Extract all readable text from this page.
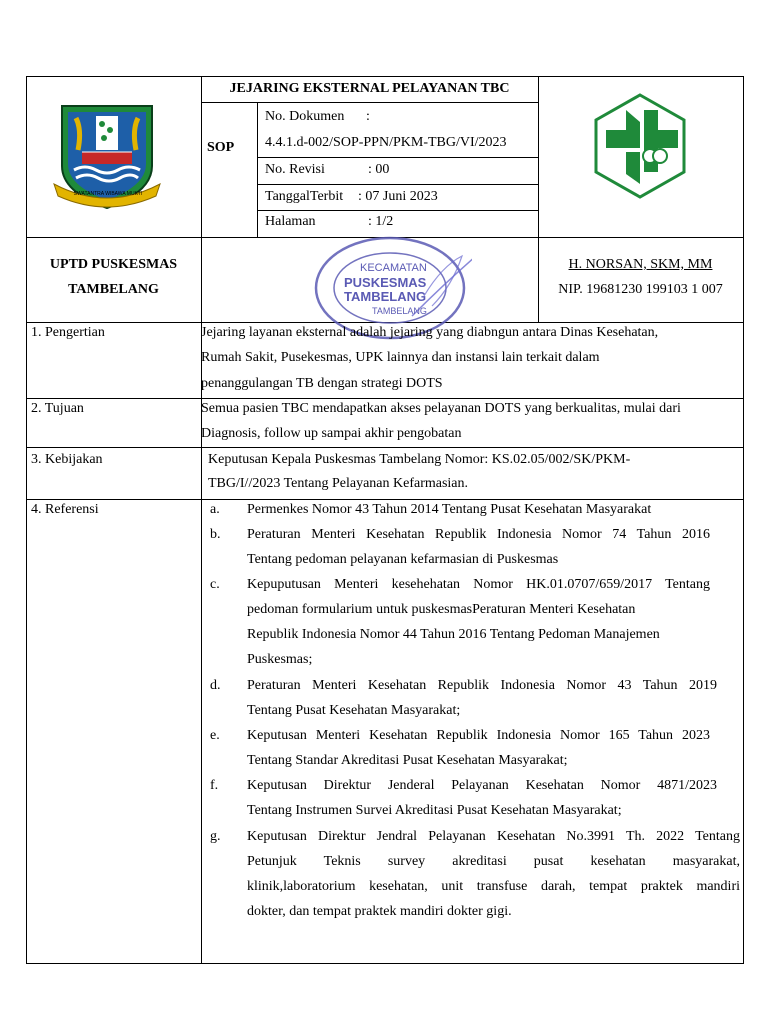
SWATANTRA WIBAWA MUKTI
JEJARING EKSTERNAL PELAYANAN TBC
SOP
No. Dokumen :
4.4.1.d-002/SOP-PPN/PKM-TBG/VI/2023
No. Revisi	: 00
TanggalTerbit : 07 Juni 2023
Halaman	: 1/2
UPTD PUSKESMAS
TAMBELANG
H. NORSAN, SKM, MM
NIP. 19681230 199103 1 007
KECAMATAN
PUSKESMAS
TAMBELANG
TAMBELANG
1. Pengertian	Jejaring layanan eksternal adalah jejaring yang diabngun antara Dinas Kesehatan,
Rumah Sakit, Pusekesmas, UPK lainnya dan instansi lain terkait dalam
penanggulangan TB dengan strategi DOTS
2. Tujuan	Semua pasien TBC mendapatkan akses pelayanan DOTS yang berkualitas, mulai dari
Diagnosis, follow up sampai akhir pengobatan
3. Kebijakan	Keputusan Kepala Puskesmas Tambelang Nomor: KS.02.05/002/SK/PKM-
TBG/I//2023 Tentang Pelayanan Kefarmasian.
4. Referensi	a. Permenkes Nomor 43 Tahun 2014 Tentang Pusat Kesehatan Masyarakat
b. Peraturan Menteri Kesehatan Republik Indonesia Nomor 74 Tahun 2016
Tentang pedoman pelayanan kefarmasian di Puskesmas
c. Kepuputusan Menteri kesehehatan Nomor HK.01.0707/659/2017 Tentang
pedoman formularium untuk puskesmasPeraturan Menteri Kesehatan
Republik Indonesia Nomor 44 Tahun 2016 Tentang Pedoman Manajemen
Puskesmas;
d. Peraturan Menteri Kesehatan Republik Indonesia Nomor 43 Tahun 2019
Tentang Pusat Kesehatan Masyarakat;
e. Keputusan Menteri Kesehatan Republik Indonesia Nomor 165 Tahun 2023
Tentang Standar Akreditasi Pusat Kesehatan Masyarakat;
f. Keputusan Direktur Jenderal Pelayanan Kesehatan Nomor 4871/2023
Tentang Instrumen Survei Akreditasi Pusat Kesehatan Masyarakat;
g. Keputusan Direktur Jendral Pelayanan Kesehatan No.3991 Th. 2022 Tentang
Petunjuk Teknis survey akreditasi pusat kesehatan masyarakat,
klinik,laboratorium kesehatan, unit transfuse darah, tempat praktek mandiri
dokter, dan tempat praktek mandiri dokter gigi.
